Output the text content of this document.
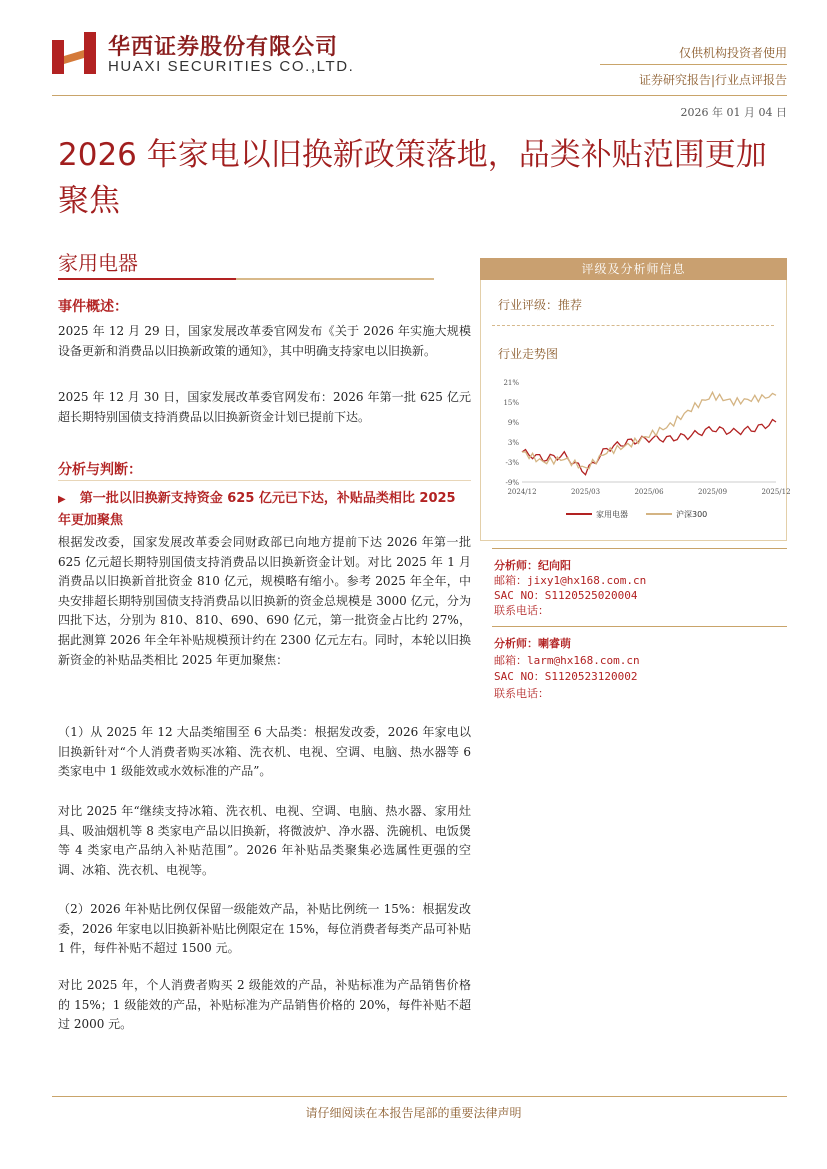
华西证券股份有限公司
HUAXI SECURITIES CO.,LTD.
仅供机构投资者使用
证券研究报告|行业点评报告
2026 年 01 月 04 日
2026 年家电以旧换新政策落地，品类补贴范围更加聚焦
家用电器
事件概述：
2025 年 12 月 29 日，国家发展改革委官网发布《关于 2026 年实施大规模设备更新和消费品以旧换新政策的通知》，其中明确支持家电以旧换新。
2025 年 12 月 30 日，国家发展改革委官网发布：2026 年第一批 625 亿元超长期特别国债支持消费品以旧换新资金计划已提前下达。
分析与判断：
▶ 第一批以旧换新支持资金 625 亿元已下达，补贴品类相比 2025 年更加聚焦
根据发改委，国家发展改革委会同财政部已向地方提前下达 2026 年第一批 625 亿元超长期特别国债支持消费品以旧换新资金计划。对比 2025 年 1 月消费品以旧换新首批资金 810 亿元，规模略有缩小。参考 2025 年全年，中央安排超长期特别国债支持消费品以旧换新的资金总规模是 3000 亿元，分为四批下达，分别为 810、810、690、690 亿元，第一批资金占比约 27%，据此测算 2026 年全年补贴规模预计约在 2300 亿元左右。同时，本轮以旧换新资金的补贴品类相比 2025 年更加聚焦：
（1）从 2025 年 12 大品类缩围至 6 大品类：根据发改委，2026 年家电以旧换新针对“个人消费者购买冰箱、洗衣机、电视、空调、电脑、热水器等 6 类家电中 1 级能效或水效标准的产品”。
对比 2025 年“继续支持冰箱、洗衣机、电视、空调、电脑、热水器、家用灶具、吸油烟机等 8 类家电产品以旧换新，将微波炉、净水器、洗碗机、电饭煲等 4 类家电产品纳入补贴范围”。2026 年补贴品类聚集必选属性更强的空调、冰箱、洗衣机、电视等。
（2）2026 年补贴比例仅保留一级能效产品，补贴比例统一 15%：根据发改委，2026 年家电以旧换新补贴比例限定在 15%，每位消费者每类产品可补贴 1 件，每件补贴不超过 1500 元。
对比 2025 年，个人消费者购买 2 级能效的产品，补贴标准为产品销售价格的 15%；1 级能效的产品，补贴标准为产品销售价格的 20%，每件补贴不超过 2000 元。
评级及分析师信息
行业评级：推荐
行业走势图
21%
15%
9%
3%
-3%
-9%
2024/12	2025/03	2025/06	2025/09	2025/12
家用电器	沪深300
分析师：纪向阳
邮箱：jixy1@hx168.com.cn
SAC NO：S1120525020004
联系电话：
分析师：喇睿萌
邮箱：larm@hx168.com.cn
SAC NO：S1120523120002
联系电话：
请仔细阅读在本报告尾部的重要法律声明
